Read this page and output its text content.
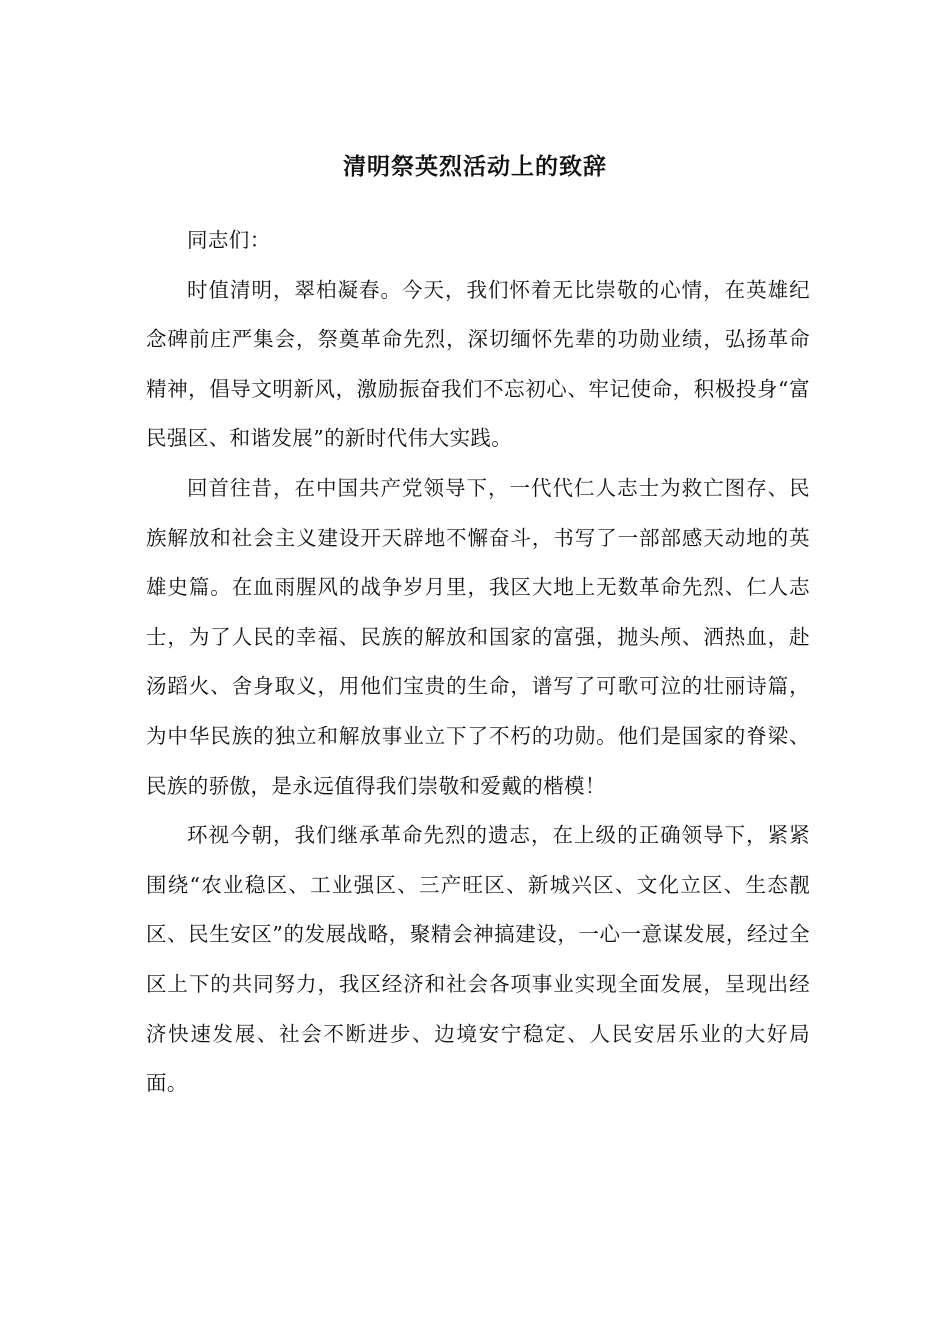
清明祭英烈活动上的致辞

同志们：

时值清明，翠柏凝春。今天，我们怀着无比崇敬的心情，在英雄纪念碑前庄严集会，祭奠革命先烈，深切缅怀先辈的功勋业绩，弘扬革命精神，倡导文明新风，激励振奋我们不忘初心、牢记使命，积极投身“富民强区、和谐发展”的新时代伟大实践。

回首往昔，在中国共产党领导下，一代代仁人志士为救亡图存、民族解放和社会主义建设开天辟地不懈奋斗，书写了一部部感天动地的英雄史篇。在血雨腥风的战争岁月里，我区大地上无数革命先烈、仁人志士，为了人民的幸福、民族的解放和国家的富强，抛头颅、洒热血，赴汤蹈火、舍身取义，用他们宝贵的生命，谱写了可歌可泣的壮丽诗篇，为中华民族的独立和解放事业立下了不朽的功勋。他们是国家的脊梁、民族的骄傲，是永远值得我们崇敬和爱戴的楷模！

环视今朝，我们继承革命先烈的遗志，在上级的正确领导下，紧紧围绕“农业稳区、工业强区、三产旺区、新城兴区、文化立区、生态靓区、民生安区”的发展战略，聚精会神搞建设，一心一意谋发展，经过全区上下的共同努力，我区经济和社会各项事业实现全面发展，呈现出经济快速发展、社会不断进步、边境安宁稳定、人民安居乐业的大好局面。
